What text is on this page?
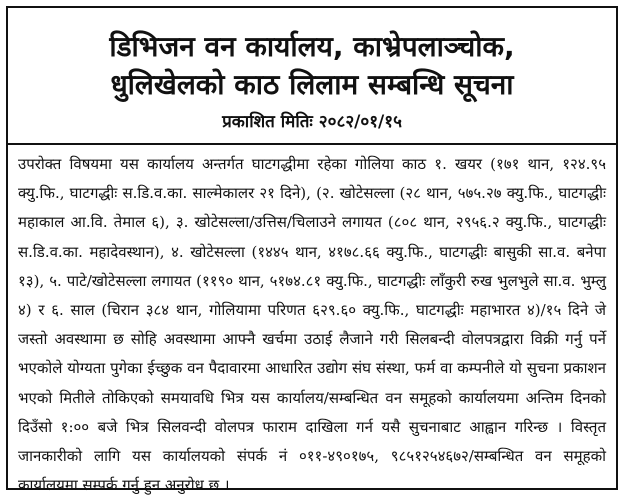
डिभिजन वन कार्यालय, काभ्रेपलाञ्चोक,
धुलिखेलको काठ लिलाम सम्बन्धि सूचना
प्रकाशित मितिः २०८२/०१/१५
उपरोक्त विषयमा यस कार्यालय अन्तर्गत घाटगद्धीमा रहेका गोलिया काठ १. खयर (१७१ थान, १२४.९५ क्यु.फि., घाटगद्धीः स.डि.व.का. साल्मेकालर २१ दिने), (२. खोटेसल्ला (२८ थान, ५७५.२७ क्यु.फि., घाटगद्धीः महाकाल आ.वि. तेमाल ६), ३. खोटेसल्ला/उत्तिस/चिलाउने लगायत (८०८ थान, २९५६.२ क्यु.फि., घाटगद्धीः स.डि.व.का. महादेवस्थान), ४. खोटेसल्ला (१४४५ थान, ४१७८.६६ क्यु.फि., घाटगद्धीः बासुकी सा.व. बनेपा १३), ५. पाटे/खोटेसल्ला लगायत (११९० थान, ५१७४.८१ क्यु.फि., घाटगद्धीः लाँकुरी रुख भुलभुले सा.व. भुम्लु ४) र ६. साल (चिरान ३८४ थान, गोलियामा परिणत ६२९.६० क्यु.फि., घाटगद्धीः महाभारत ४)/१५ दिने जे जस्तो अवस्थामा छ सोहि अवस्थामा आफ्नै खर्चमा उठाई लैजाने गरी सिलबन्दी वोलपत्रद्वारा विक्री गर्नु पर्ने भएकोले योग्यता पुगेका ईच्छुक वन पैदावारमा आधारित उद्योग संघ संस्था, फर्म वा कम्पनीले यो सुचना प्रकाशन भएको मितीले तोकिएको समयावधि भित्र यस कार्यालय/सम्बन्धित वन समूहको कार्यालयमा अन्तिम दिनको दिउँसो १:०० बजे भित्र सिलवन्दी वोलपत्र फाराम दाखिला गर्न यसै सुचनाबाट आह्वान गरिन्छ । विस्तृत जानकारीको लागि यस कार्यालयको संपर्क नं ०११-४९०१७५, ९८५१२५४६७२/सम्बन्धित वन समूहको कार्यालयमा सम्पर्क गर्नु हुन अनुरोध छ ।
